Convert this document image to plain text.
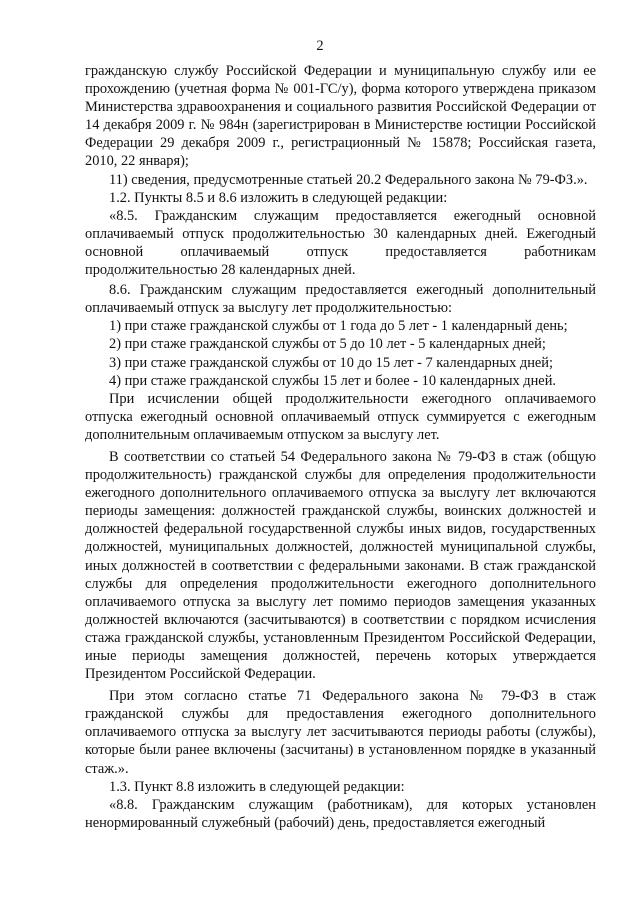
2

гражданскую службу Российской Федерации и муниципальную службу или ее прохождению (учетная форма № 001-ГС/у), форма которого утверждена приказом Министерства здравоохранения и социального развития Российской Федерации от 14 декабря 2009 г. № 984н (зарегистрирован в Министерстве юстиции Российской Федерации 29 декабря 2009 г., регистрационный № 15878; Российская газета, 2010, 22 января);

11) сведения, предусмотренные статьей 20.2 Федерального закона № 79-ФЗ.».

1.2. Пункты 8.5 и 8.6 изложить в следующей редакции:

«8.5. Гражданским служащим предоставляется ежегодный основной оплачиваемый отпуск продолжительностью 30 календарных дней. Ежегодный основной оплачиваемый отпуск предоставляется работникам продолжительностью 28 календарных дней.

8.6. Гражданским служащим предоставляется ежегодный дополнительный оплачиваемый отпуск за выслугу лет продолжительностью:

1) при стаже гражданской службы от 1 года до 5 лет - 1 календарный день;

2) при стаже гражданской службы от 5 до 10 лет - 5 календарных дней;

3) при стаже гражданской службы от 10 до 15 лет - 7 календарных дней;

4) при стаже гражданской службы 15 лет и более - 10 календарных дней.

При исчислении общей продолжительности ежегодного оплачиваемого отпуска ежегодный основной оплачиваемый отпуск суммируется с ежегодным дополнительным оплачиваемым отпуском за выслугу лет.

В соответствии со статьей 54 Федерального закона № 79-ФЗ в стаж (общую продолжительность) гражданской службы для определения продолжительности ежегодного дополнительного оплачиваемого отпуска за выслугу лет включаются периоды замещения: должностей гражданской службы, воинских должностей и должностей федеральной государственной службы иных видов, государственных должностей, муниципальных должностей, должностей муниципальной службы, иных должностей в соответствии с федеральными законами. В стаж гражданской службы для определения продолжительности ежегодного дополнительного оплачиваемого отпуска за выслугу лет помимо периодов замещения указанных должностей включаются (засчитываются) в соответствии с порядком исчисления стажа гражданской службы, установленным Президентом Российской Федерации, иные периоды замещения должностей, перечень которых утверждается Президентом Российской Федерации.

При этом согласно статье 71 Федерального закона № 79-ФЗ в стаж гражданской службы для предоставления ежегодного дополнительного оплачиваемого отпуска за выслугу лет засчитываются периоды работы (службы), которые были ранее включены (засчитаны) в установленном порядке в указанный стаж.».

1.3. Пункт 8.8 изложить в следующей редакции:

«8.8. Гражданским служащим (работникам), для которых установлен ненормированный служебный (рабочий) день, предоставляется ежегодный
